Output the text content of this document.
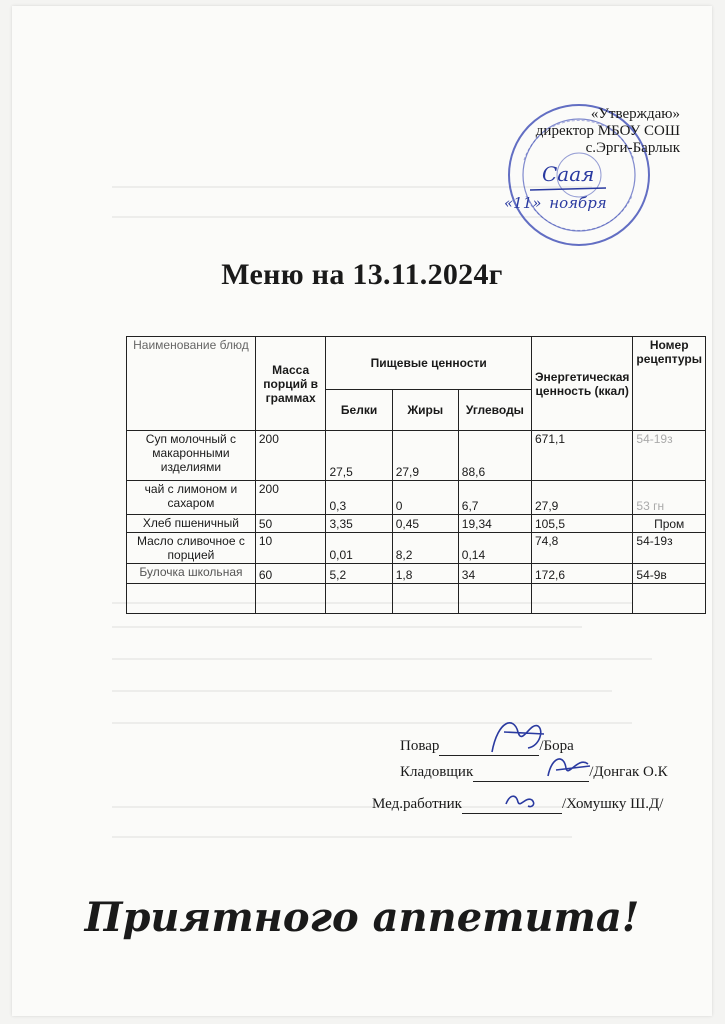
«Утверждаю»
директор МБОУ СОШ
с.Эрги-Барлык
Саая
«11» ноября
Меню на 13.11.2024г
Наименование блюд	Масса порций в граммах	Пищевые ценности			Энергетическая ценность (ккал)	Номер рецептуры
		Белки	Жиры	Углеводы		
Суп молочный с макаронными изделиями	200	27,5	27,9	88,6	671,1	54-19з
чай с лимоном и сахаром	200	0,3	0	6,7	27,9	53 гн
Хлеб пшеничный	50	3,35	0,45	19,34	105,5	Пром
Масло сливочное с порцией	10	0,01	8,2	0,14	74,8	54-19з
Булочка школьная	60	5,2	1,8	34	172,6	54-9в

Повар	/Бора
Кладовщик	/Донгак О.К
Мед.работник	/Хомушку Ш.Д/
Приятного аппетита!
